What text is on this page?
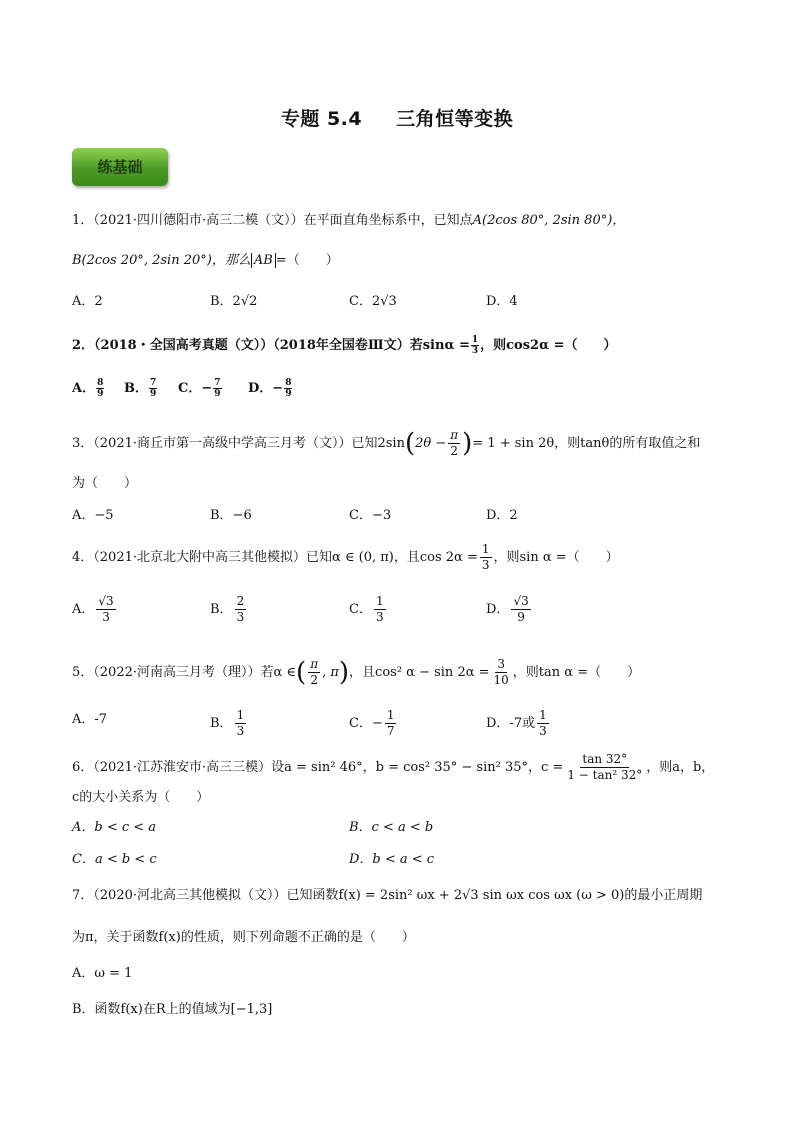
专题 5.4 三角恒等变换
练基础
1．（2021·四川德阳市·高三二模（文））在平面直角坐标系中，已知点A(2cos 80°, 2sin 80°)，
B(2cos 20°, 2sin 20°)，那么 AB =（　　）
A．2	B．2√2	C．2√3	D．4
2．（2018・全国高考真题（文））（2018年全国卷Ⅲ文）若$\sin\alpha = \frac{1}{3}$ ，则cos2α =（　　）
A． $\frac{8}{9}$ B． $\frac{7}{9}$ C．− $\frac{7}{9}$ D．− $\frac{8}{9}$
3．（2021·商丘市第一高级中学高三月考（文））已知$2\sin(2\theta - \frac{\pi}{2}$ )= 1 + sin 2θ，则tanθ的所有取值之和
为（　　）
A．−5	B．−6	C．−3	D．2
4．（2021·北京北大附中高三其他模拟）已知α ∈ (0, π)，且$\cos 2\alpha = \frac{1}{3}$ ，则sin α =（　　）
A． $\frac{√3}{3}$	B． $\frac{2}{3}$	C． $\frac{1}{3}$	D． $\frac{√3}{9}$
5．（2022·河南高三月考（理））若α ∈( $\frac{\pi}{2}$ , π)，且cos² $\alpha - \sin 2\alpha = \frac{3}{10}$ ，则tan α =（　　）
A．-7	B． $\frac{1}{3}$	C．− $\frac{1}{7}$	D．-7或 $\frac{1}{3}$
6．（2021·江苏淮安市·高三三模）设a = sin² 46°，b = cos² 35° − sin² 35°，$c = \frac{\tan 32^\circ}{\text{1 − tan² 32°}}$ ，则a，b，
c的大小关系为（　　）
A．b < c < a	B．c < a < b
C．a < b < c	D．b < a < c
7．（2020·河北高三其他模拟（文））已知函数f(x) = 2sin² ωx + 2√3 sin ωx cos ωx (ω > 0)的最小正周期
为π，关于函数f(x)的性质，则下列命题不正确的是（　　）
A．ω = 1
B．函数f(x)在R上的值域为[−1,3]
